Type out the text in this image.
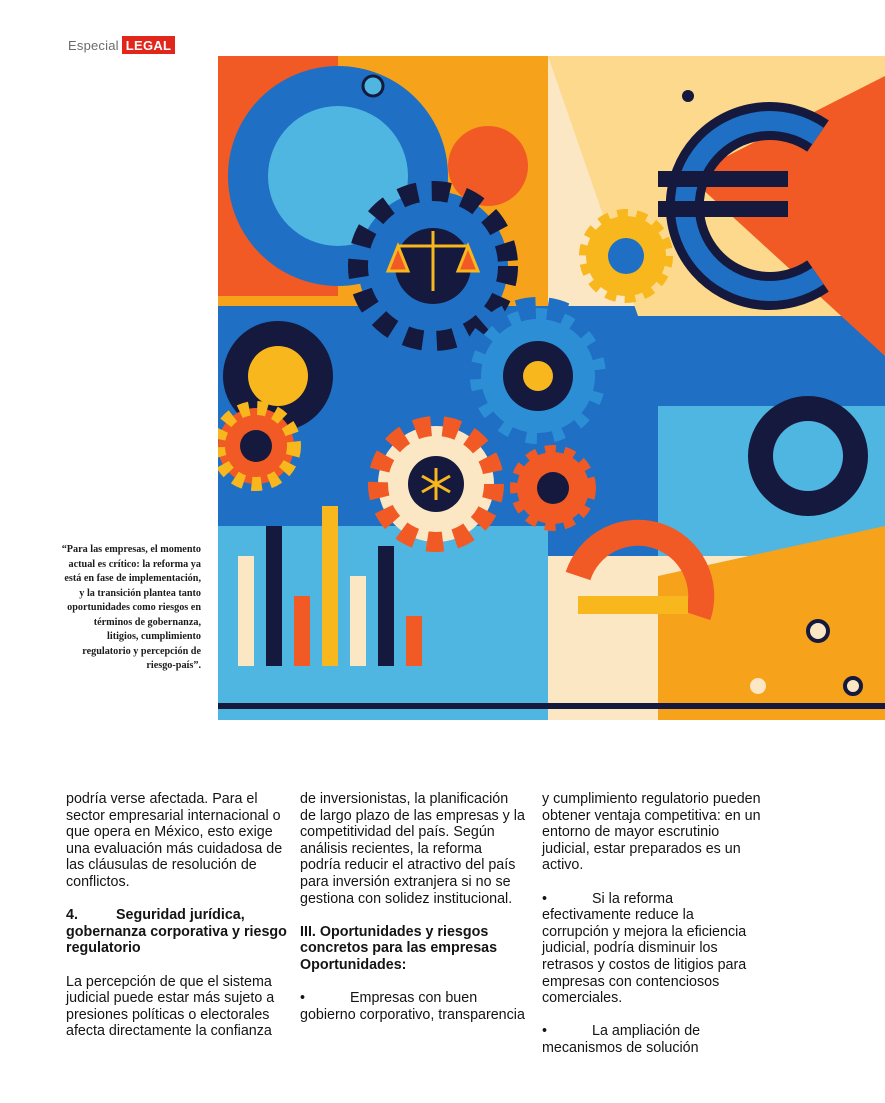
Especial LEGAL
“Para las empresas, el momento actual es crítico: la reforma ya está en fase de implementación, y la transición plantea tanto oportunidades como riesgos en términos de gobernanza, litigios, cumplimiento regulatorio y percepción de riesgo-país”.

podría verse afectada. Para el sector empresarial internacional o que opera en México, esto exige una evaluación más cuidadosa de las cláusulas de resolución de conflictos.

4.	Seguridad jurídica, gobernanza corporativa y riesgo regulatorio

La percepción de que el sistema judicial puede estar más sujeto a presiones políticas o electorales afecta directamente la confianza

de inversionistas, la planificación de largo plazo de las empresas y la competitividad del país. Según análisis recientes, la reforma podría reducir el atractivo del país para inversión extranjera si no se gestiona con solidez institucional.

III. Oportunidades y riesgos concretos para las empresas
Oportunidades:

•	Empresas con buen gobierno corporativo, transparencia

y cumplimiento regulatorio pueden obtener ventaja competitiva: en un entorno de mayor escrutinio judicial, estar preparados es un activo.

•	Si la reforma efectivamente reduce la corrupción y mejora la eficiencia judicial, podría disminuir los retrasos y costos de litigios para empresas con contenciosos comerciales.

•	La ampliación de mecanismos de solución
